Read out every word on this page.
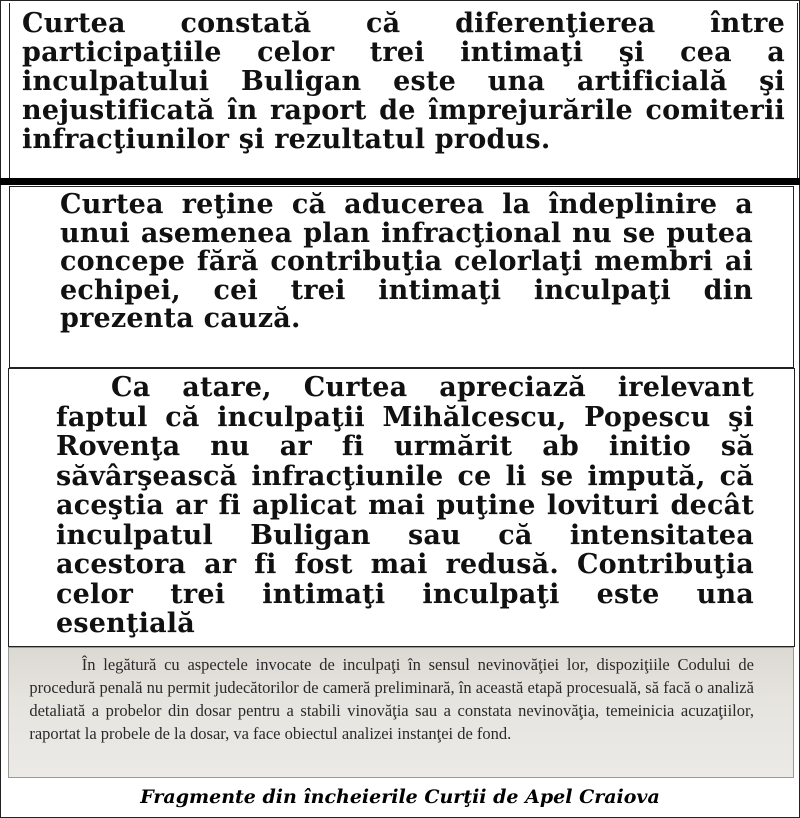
Curtea constată că diferenţierea între participaţiile celor trei intimaţi şi cea a inculpatului Buligan este una artificială şi nejustificată în raport de împrejurările comiterii infracţiunilor şi rezultatul produs.

Curtea reţine că aducerea la îndeplinire a unui asemenea plan infracţional nu se putea concepe fără contribuţia celorlaţi membri ai echipei, cei trei intimaţi inculpaţi din prezenta cauză.

Ca atare, Curtea apreciază irelevant faptul că inculpaţii Mihălcescu, Popescu şi Rovenţa nu ar fi urmărit ab initio să săvârşească infracţiunile ce li se impută, că aceştia ar fi aplicat mai puţine lovituri decât inculpatul Buligan sau că intensitatea acestora ar fi fost mai redusă. Contribuţia celor trei intimaţi inculpaţi este una esenţială

În legătură cu aspectele invocate de inculpaţi în sensul nevinovăţiei lor, dispoziţiile Codului de procedură penală nu permit judecătorilor de cameră preliminară, în această etapă procesuală, să facă o analiză detaliată a probelor din dosar pentru a stabili vinovăţia sau a constata nevinovăţia, temeinicia acuzaţiilor, raportat la probele de la dosar, va face obiectul analizei instanţei de fond.

Fragmente din încheierile Curţii de Apel Craiova
